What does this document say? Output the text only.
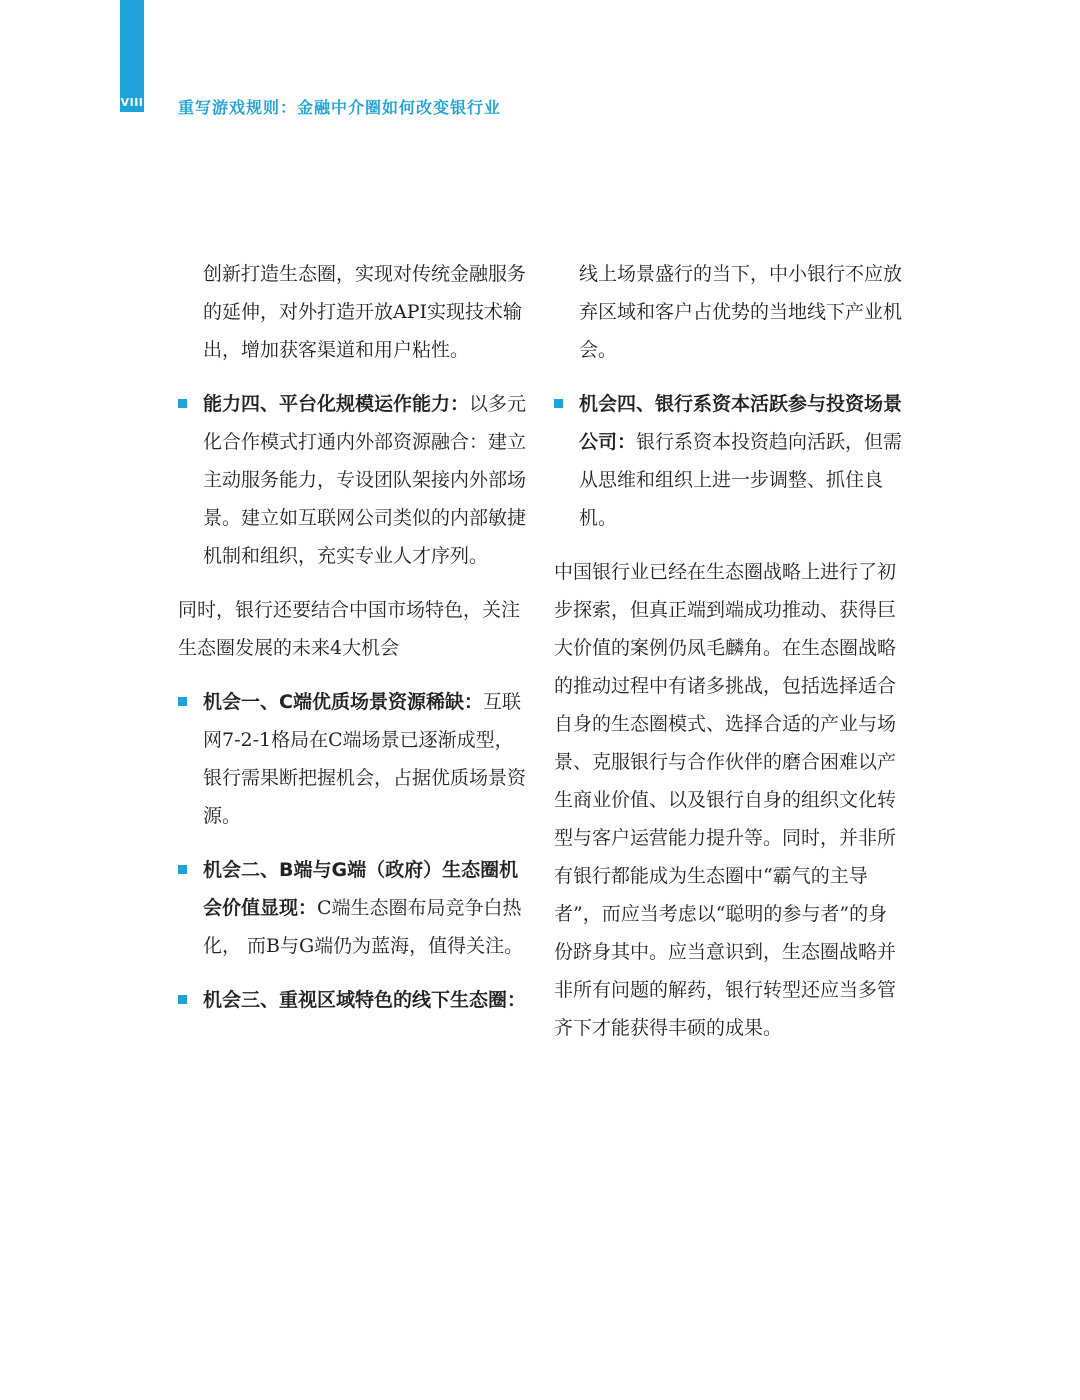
VIII 重写游戏规则：金融中介圈如何改变银行业

创新打造生态圈，实现对传统金融服务的延伸，对外打造开放API实现技术输出，增加获客渠道和用户粘性。

能力四、平台化规模运作能力：以多元化合作模式打通内外部资源融合：建立主动服务能力，专设团队架接内外部场景。建立如互联网公司类似的内部敏捷机制和组织，充实专业人才序列。

同时，银行还要结合中国市场特色，关注生态圈发展的未来4大机会

机会一、C端优质场景资源稀缺：互联网7-2-1格局在C端场景已逐渐成型，银行需果断把握机会，占据优质场景资源。
机会二、B端与G端（政府）生态圈机会价值显现：C端生态圈布局竞争白热化， 而B与G端仍为蓝海，值得关注。
机会三、重视区域特色的线下生态圈：

线上场景盛行的当下，中小银行不应放弃区域和客户占优势的当地线下产业机会。

机会四、银行系资本活跃参与投资场景公司：银行系资本投资趋向活跃，但需从思维和组织上进一步调整、抓住良机。

中国银行业已经在生态圈战略上进行了初步探索，但真正端到端成功推动、获得巨大价值的案例仍凤毛麟角。在生态圈战略的推动过程中有诸多挑战，包括选择适合自身的生态圈模式、选择合适的产业与场景、克服银行与合作伙伴的磨合困难以产生商业价值、以及银行自身的组织文化转型与客户运营能力提升等。同时，并非所有银行都能成为生态圈中“霸气的主导者”，而应当考虑以“聪明的参与者”的身份跻身其中。应当意识到，生态圈战略并非所有问题的解药，银行转型还应当多管齐下才能获得丰硕的成果。
